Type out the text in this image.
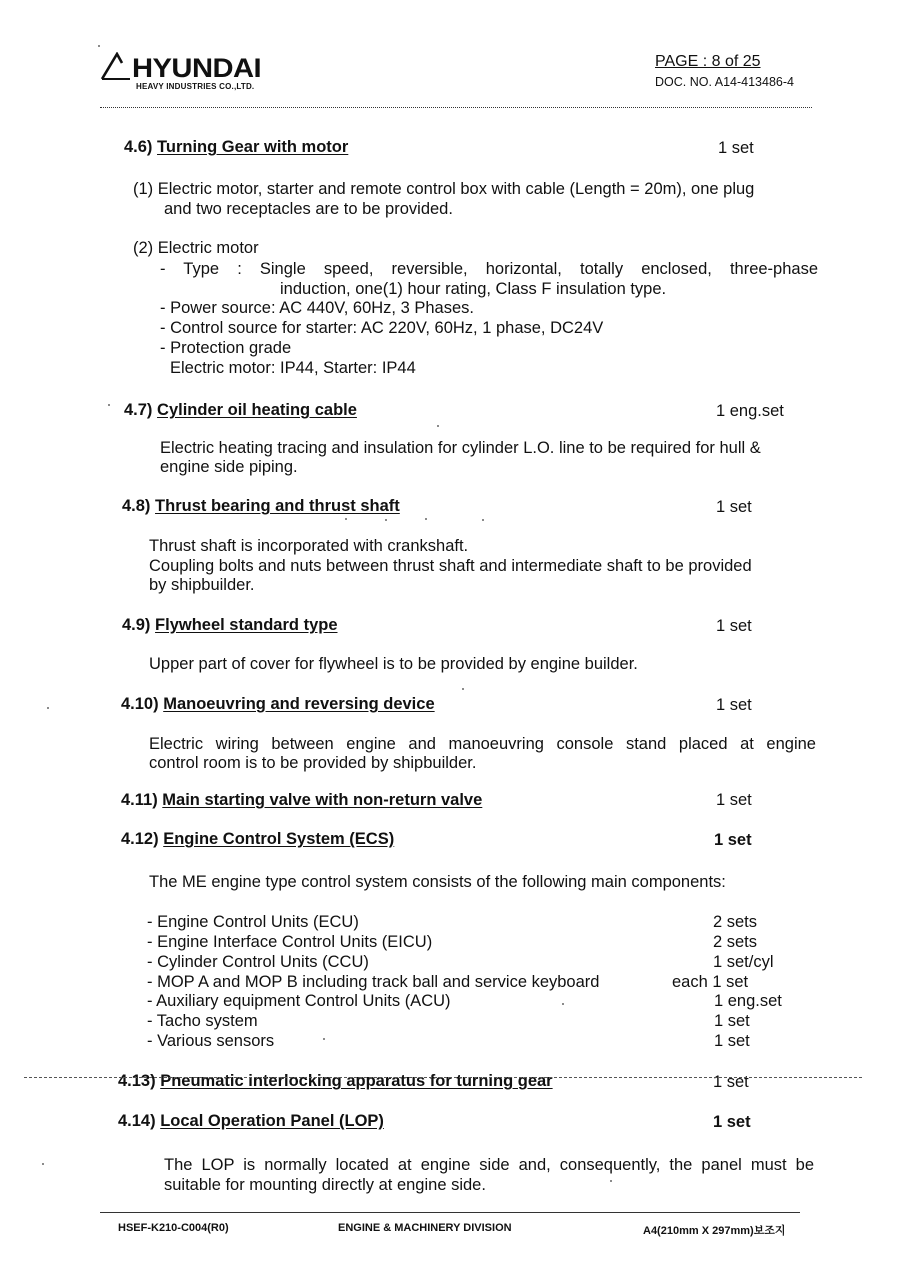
HYUNDAI
HEAVY INDUSTRIES CO.,LTD.
PAGE : 8 of 25
DOC. NO. A14-413486-4
4.6) Turning Gear with motor	1 set
(1) Electric motor, starter and remote control box with cable (Length = 20m), one plug
and two receptacles are to be provided.
(2) Electric motor
- Type : Single speed, reversible, horizontal, totally enclosed, three-phase
induction, one(1) hour rating, Class F insulation type.
- Power source: AC 440V, 60Hz, 3 Phases.
- Control source for starter: AC 220V, 60Hz, 1 phase, DC24V
- Protection grade
Electric motor: IP44, Starter: IP44
4.7) Cylinder oil heating cable	1 eng.set
Electric heating tracing and insulation for cylinder L.O. line to be required for hull &
engine side piping.
4.8) Thrust bearing and thrust shaft	1 set
Thrust shaft is incorporated with crankshaft.
Coupling bolts and nuts between thrust shaft and intermediate shaft to be provided
by shipbuilder.
4.9) Flywheel standard type	1 set
Upper part of cover for flywheel is to be provided by engine builder.
4.10) Manoeuvring and reversing device	1 set
Electric wiring between engine and manoeuvring console stand placed at engine
control room is to be provided by shipbuilder.
4.11) Main starting valve with non-return valve	1 set
4.12) Engine Control System (ECS)	1 set
The ME engine type control system consists of the following main components:
- Engine Control Units (ECU)	2 sets
- Engine Interface Control Units (EICU)	2 sets
- Cylinder Control Units (CCU)	1 set/cyl
- MOP A and MOP B including track ball and service keyboard	each 1 set
- Auxiliary equipment Control Units (ACU)	1 eng.set
- Tacho system	1 set
- Various sensors	1 set
4.13) Pneumatic interlocking apparatus for turning gear	1 set
4.14) Local Operation Panel (LOP)	1 set
The LOP is normally located at engine side and, consequently, the panel must be
suitable for mounting directly at engine side.
HSEF-K210-C004(R0)	ENGINE & MACHINERY DIVISION	A4(210mm X 297mm)보조지
